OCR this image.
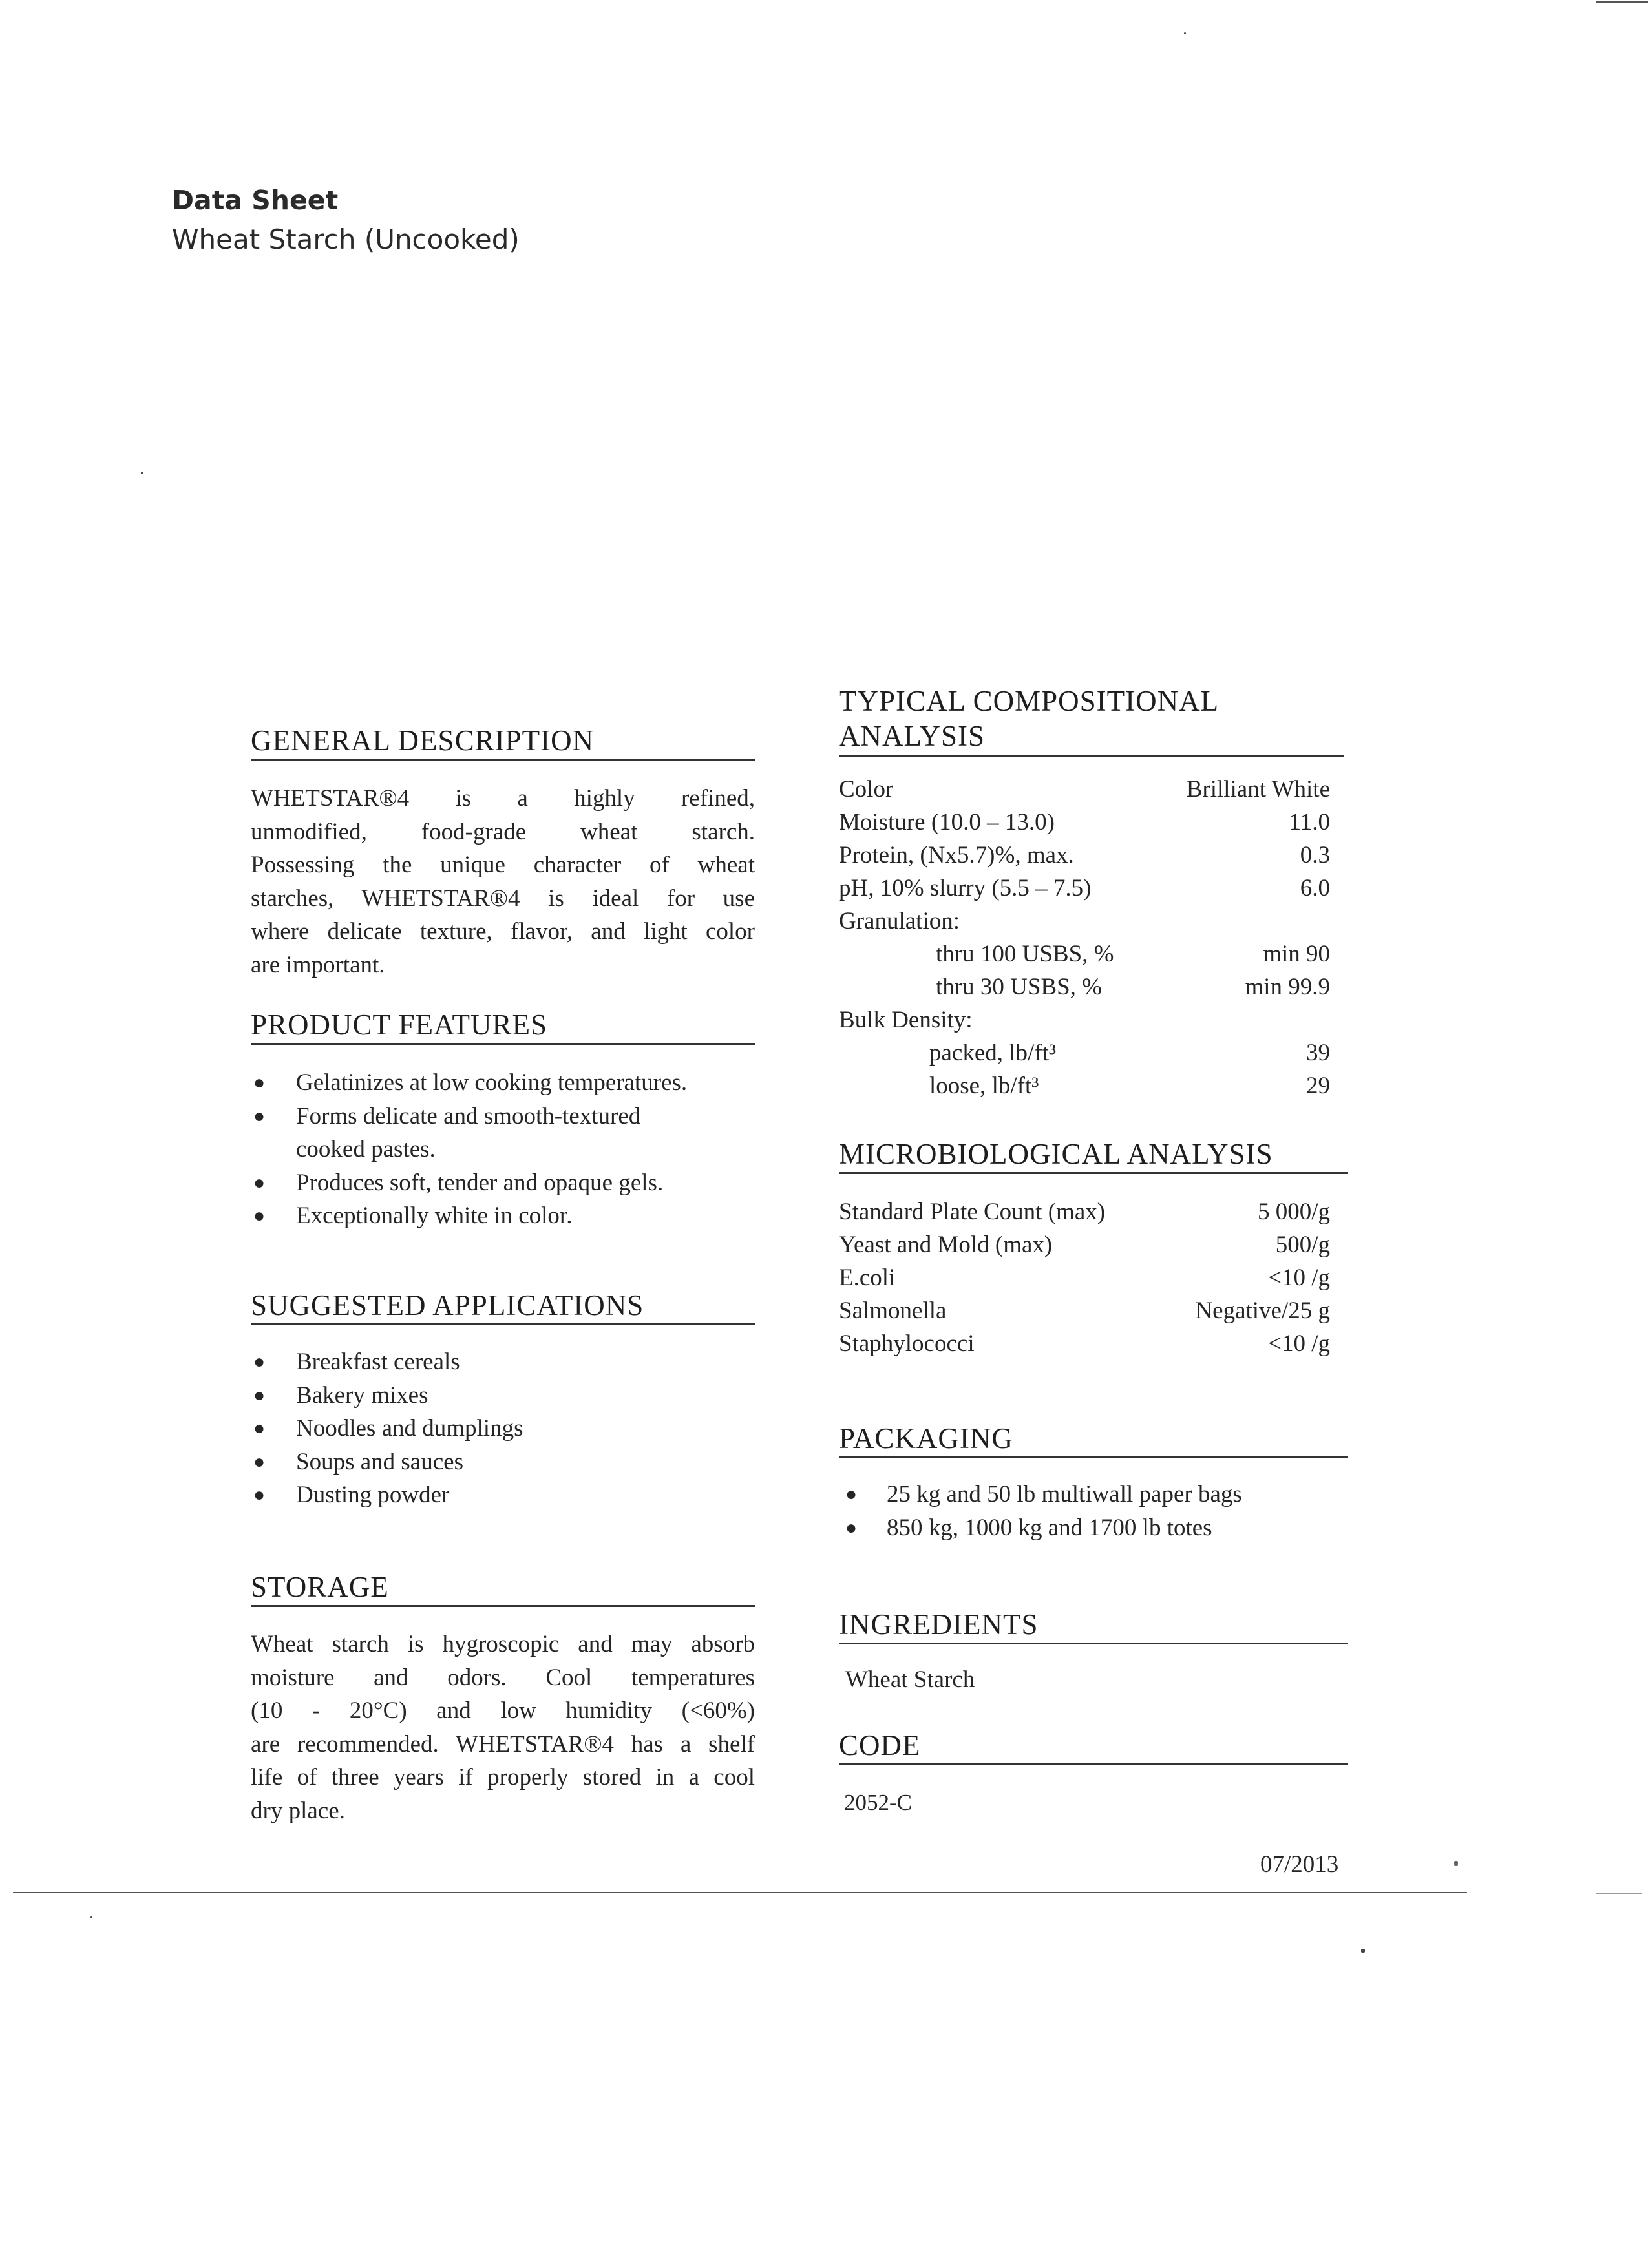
Data Sheet
Wheat Starch (Uncooked)
GENERAL DESCRIPTION
WHETSTAR®4 is a highly refined,
unmodified, food-grade wheat starch.
Possessing the unique character of wheat
starches, WHETSTAR®4 is ideal for use
where delicate texture, flavor, and light color
are important.
PRODUCT FEATURES
● Gelatinizes at low cooking temperatures.
● Forms delicate and smooth-textured cooked pastes.
● Produces soft, tender and opaque gels.
● Exceptionally white in color.
SUGGESTED APPLICATIONS
● Breakfast cereals
● Bakery mixes
● Noodles and dumplings
● Soups and sauces
● Dusting powder
STORAGE
Wheat starch is hygroscopic and may absorb
moisture and odors. Cool temperatures
(10 - 20°C) and low humidity (<60%)
are recommended. WHETSTAR®4 has a shelf
life of three years if properly stored in a cool
dry place.
TYPICAL COMPOSITIONAL
ANALYSIS
Color	Brilliant White
Moisture (10.0 – 13.0)	11.0
Protein, (Nx5.7)%, max.	0.3
pH, 10% slurry (5.5 – 7.5)	6.0
Granulation:
thru 100 USBS, %	min 90
thru 30 USBS, %	min 99.9
Bulk Density:
packed, lb/ft³	39
loose, lb/ft³	29
MICROBIOLOGICAL ANALYSIS
Standard Plate Count (max)	5 000/g
Yeast and Mold (max)	500/g
E.coli	<10 /g
Salmonella	Negative/25 g
Staphylococci	<10 /g
PACKAGING
● 25 kg and 50 lb multiwall paper bags
● 850 kg, 1000 kg and 1700 lb totes
INGREDIENTS
Wheat Starch
CODE
2052-C
07/2013
